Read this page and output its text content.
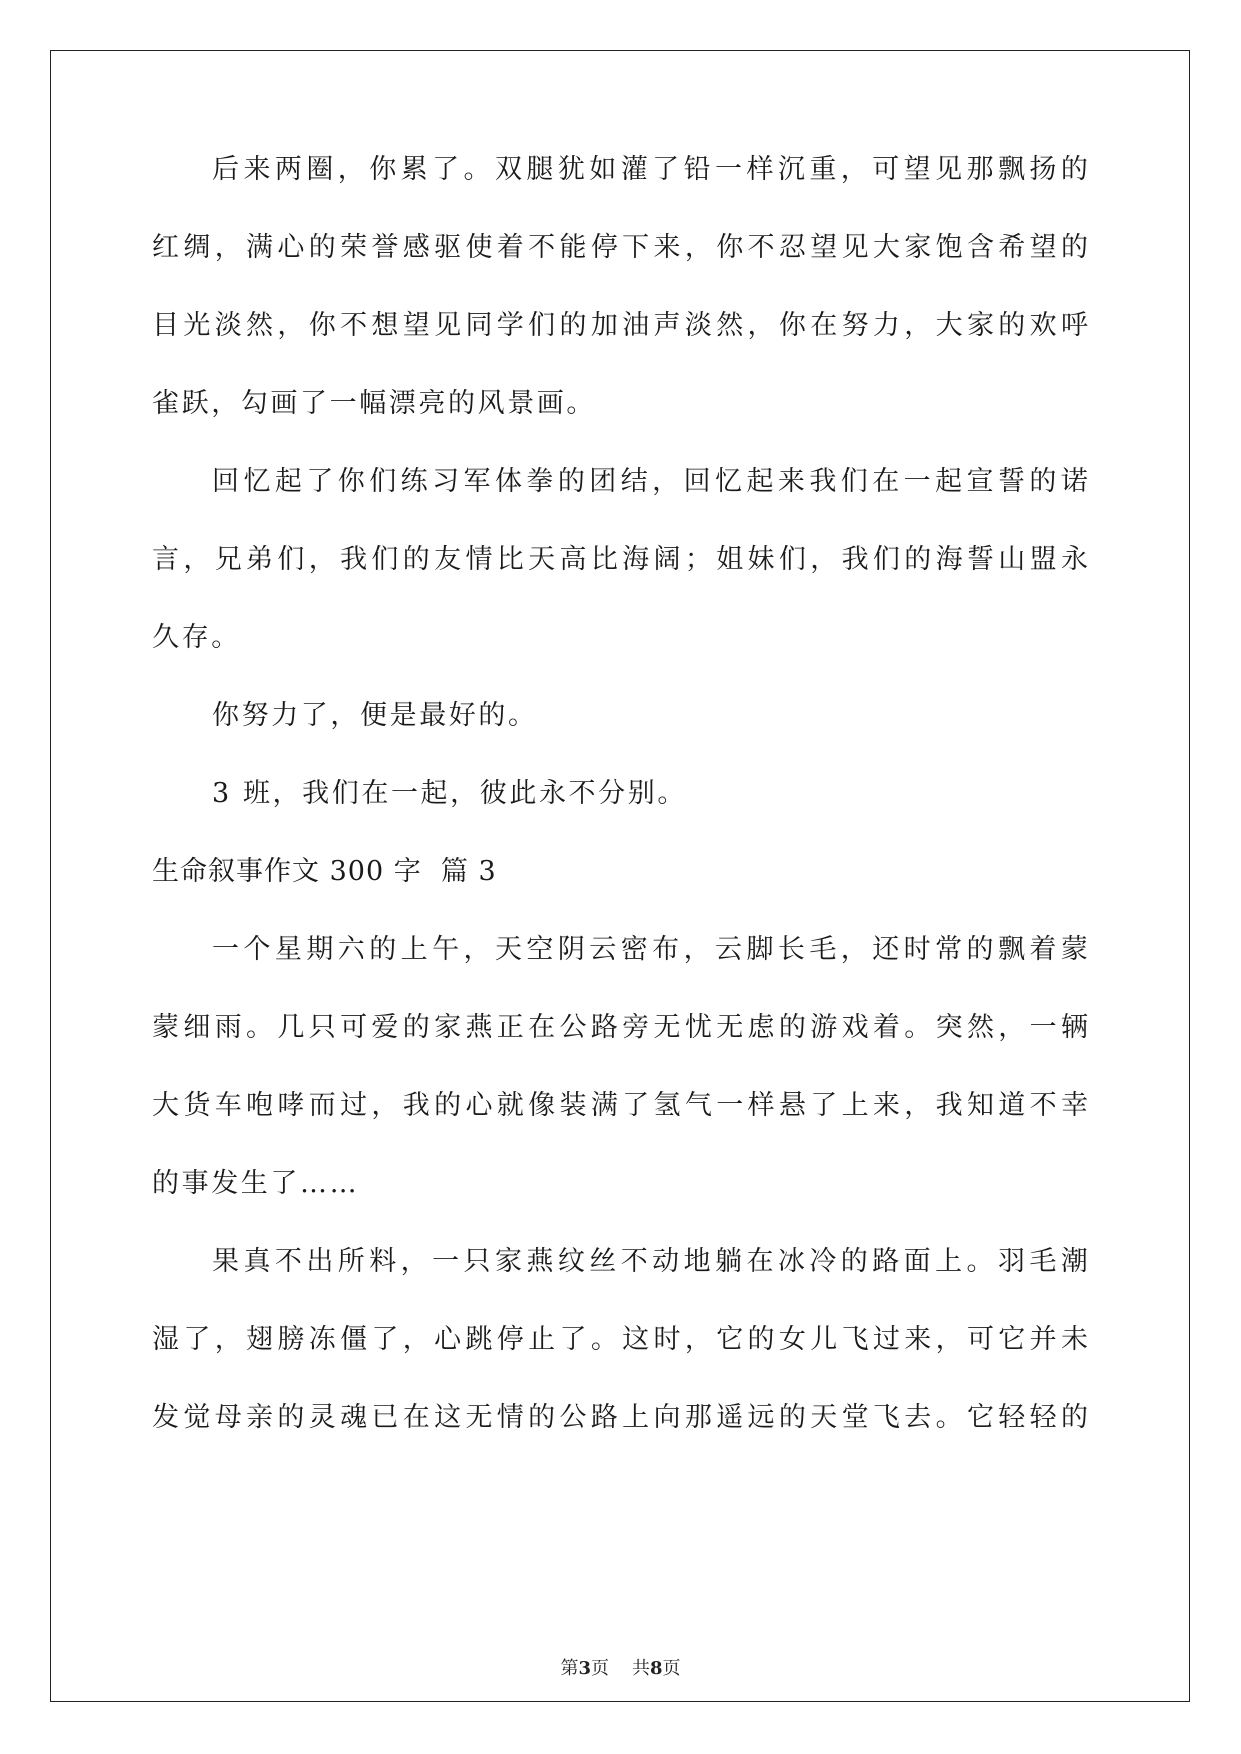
后 来 两 圈 ， 你 累 了 。 双 腿 犹 如 灌 了 铅 一 样 沉 重 ， 可 望 见 那 飘 扬 的
红 绸 ， 满 心 的 荣 誉 感 驱 使 着 不 能 停 下 来 ， 你 不 忍 望 见 大 家 饱 含 希 望 的
目 光 淡 然 ， 你 不 想 望 见 同 学 们 的 加 油 声 淡 然 ， 你 在 努 力 ， 大 家 的 欢 呼
雀跃，勾画了一幅漂亮的风景画。
回 忆 起 了 你 们 练 习 军 体 拳 的 团 结 ， 回 忆 起 来 我 们 在 一 起 宣 誓 的 诺
言 ， 兄 弟 们 ， 我 们 的 友 情 比 天 高 比 海 阔 ； 姐 妹 们 ， 我 们 的 海 誓 山 盟 永
久存。
你努力了，便是最好的。
3 班，我们在一起，彼此永不分别。
生命叙事作文 300 字  篇 3
一 个 星 期 六 的 上 午 ， 天 空 阴 云 密 布 ， 云 脚 长 毛 ， 还 时 常 的 飘 着 蒙
蒙 细 雨 。 几 只 可 爱 的 家 燕 正 在 公 路 旁 无 忧 无 虑 的 游 戏 着 。 突 然 ， 一 辆
大 货 车 咆 哮 而 过 ， 我 的 心 就 像 装 满 了 氢 气 一 样 悬 了 上 来 ， 我 知 道 不 幸
的事发生了……
果 真 不 出 所 料 ， 一 只 家 燕 纹 丝 不 动 地 躺 在 冰 冷 的 路 面 上 。 羽 毛 潮
湿 了 ， 翅 膀 冻 僵 了 ， 心 跳 停 止 了 。 这 时 ， 它 的 女 儿 飞 过 来 ， 可 它 并 未
发 觉 母 亲 的 灵 魂 已 在 这 无 情 的 公 路 上 向 那 遥 远 的 天 堂 飞 去 。 它 轻 轻 的
第3页 共8页
